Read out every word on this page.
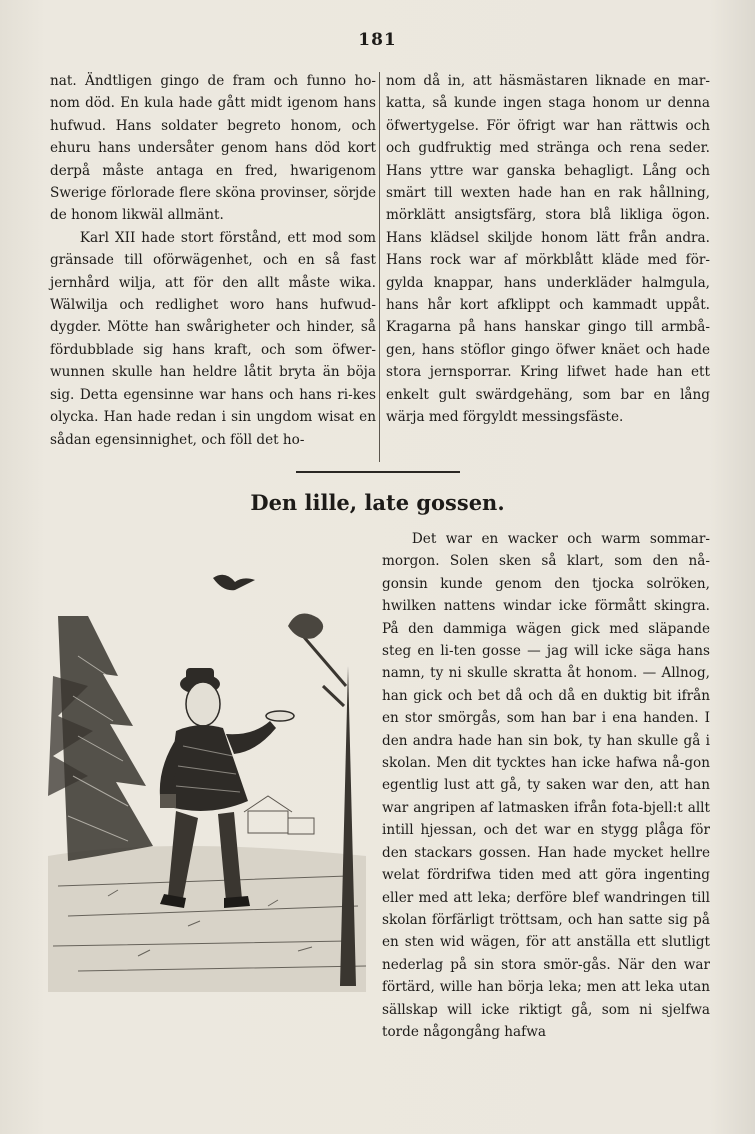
181

nat. Ändtligen gingo de fram och funno ho-nom död. En kula hade gått midt igenom hans hufwud. Hans soldater begreto honom, och ehuru hans undersåter genom hans död kort derpå måste antaga en fred, hwarigenom Swerige förlorade flere sköna provinser, sörjde de honom likwäl allmänt.

Karl XII hade stort förstånd, ett mod som gränsade till oförwägenhet, och en så fast jernhård wilja, att för den allt måste wika. Wälwilja och redlighet woro hans hufwud-dygder. Mötte han swårigheter och hinder, så fördubblade sig hans kraft, och som öfwer-wunnen skulle han heldre låtit bryta än böja sig. Detta egensinne war hans och hans ri-kes olycka. Han hade redan i sin ungdom wisat en sådan egensinnighet, och föll det ho-

nom då in, att häsmästaren liknade en mar-katta, så kunde ingen staga honom ur denna öfwertygelse. För öfrigt war han rättwis och och gudfruktig med stränga och rena seder. Hans yttre war ganska behagligt. Lång och smärt till wexten hade han en rak hållning, mörklätt ansigtsfärg, stora blå likliga ögon. Hans klädsel skiljde honom lätt från andra. Hans rock war af mörkblått kläde med för-gylda knappar, hans underkläder halmgula, hans hår kort afklippt och kammadt uppåt. Kragarna på hans hanskar gingo till armbå-gen, hans stöflor gingo öfwer knäet och hade stora jernsporrar. Kring lifwet hade han ett enkelt gult swärdgehäng, som bar en lång wärja med förgyldt messingsfäste.

Den lille, late gossen.

Det war en wacker och warm sommar-morgon. Solen sken så klart, som den nå-gonsin kunde genom den tjocka solröken, hwilken nattens windar icke förmått skingra. På den dammiga wägen gick med släpande steg en li-ten gosse — jag will icke säga hans namn, ty ni skulle skratta åt honom. — Allnog, han gick och bet då och då en duktig bit ifrån en stor smörgås, som han bar i ena handen. I den andra hade han sin bok, ty han skulle gå i skolan. Men dit tycktes han icke hafwa nå-gon egentlig lust att gå, ty saken war den, att han war angripen af latmasken ifrån fota-bjell:t allt intill hjessan, och det war en stygg plåga för den stackars gossen. Han hade mycket hellre welat fördrifwa tiden med att göra ingenting eller med att leka; derföre blef wandringen till skolan förfärligt tröttsam, och han satte sig på en sten wid wägen, för att anställa ett slutligt nederlag på sin stora smör-gås. När den war förtärd, wille han börja leka; men att leka utan sällskap will icke riktigt gå, som ni sjelfwa torde någongång hafwa
